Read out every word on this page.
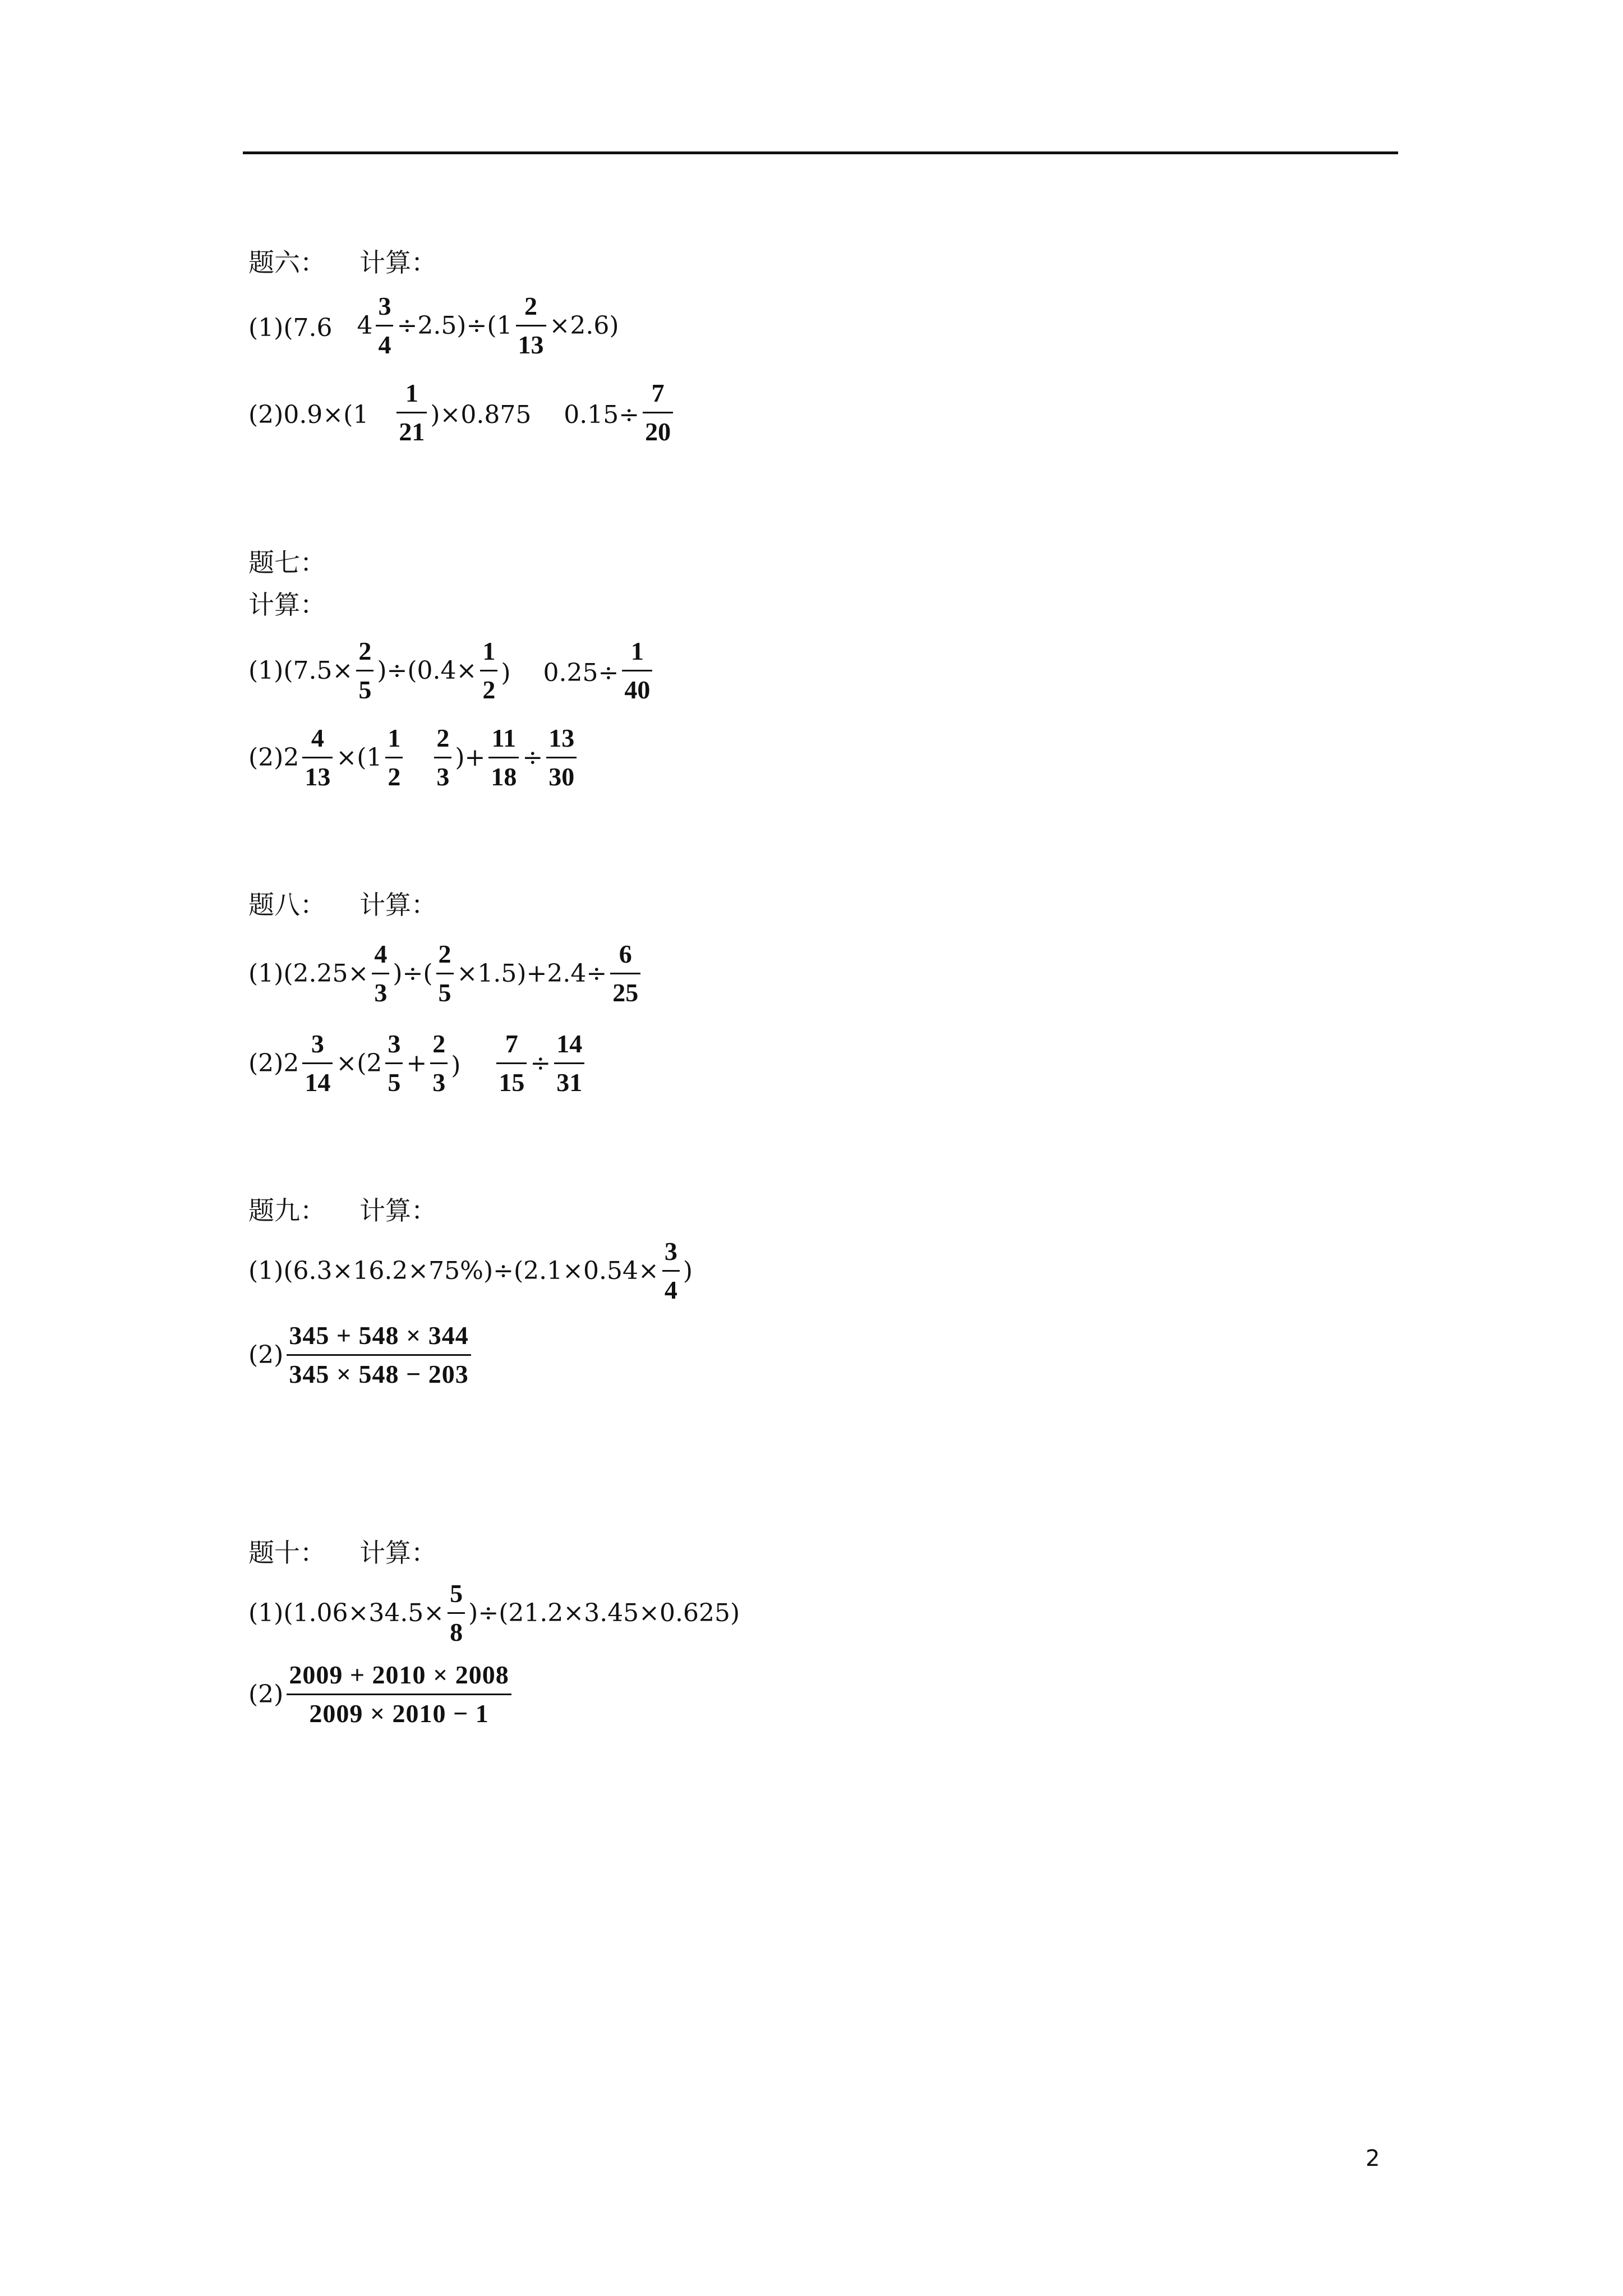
题六： 计算：
(1)(7.6　 $4 \frac{3}{4} \div 2.5)\div(1 \frac{2}{13} \times 2.6)$
(2)0.9×(1　 $\frac{1}{21} )\times 0.875$　 $0.15\div \frac{7}{20}$
题七：
计算：
$(1)(7.5\times \frac{2}{5} )\div(0.4\times \frac{1}{2}$ )　 $0.25\div \frac{1}{40}$
(2) $2 \frac{4}{13} \times(1 \frac{1}{2}$
　 $\frac{2}{3}$ )+ $\frac{11}{18} \div \frac{13}{30}$
题八： 计算：
$(1)(2.25\times \frac{4}{3}$ )÷( $\frac{2}{5} \times 1.5)+2.4\div \frac{6}{25}$
(2) $2 \frac{3}{14}$ ×( $2 \frac{3}{5} + \frac{2}{3}$ )　 $\frac{7}{15} \div \frac{14}{31}$
题九： 计算：
$(1)(6.3\times 16.2\times 75\%)\div(2.1\times 0.54\times \frac{3}{4}$ )
$(2) \frac{345 + 548 \times 344}{345 \times 548 - 203}$
题十： 计算：
$(1)(1.06\times 34.5\times \frac{5}{8} )\div(21.2\times 3.45\times 0.625)$
$(2) \frac{2009 + 2010 \times 2008}{2009 \times 2010 - 1}$
2
